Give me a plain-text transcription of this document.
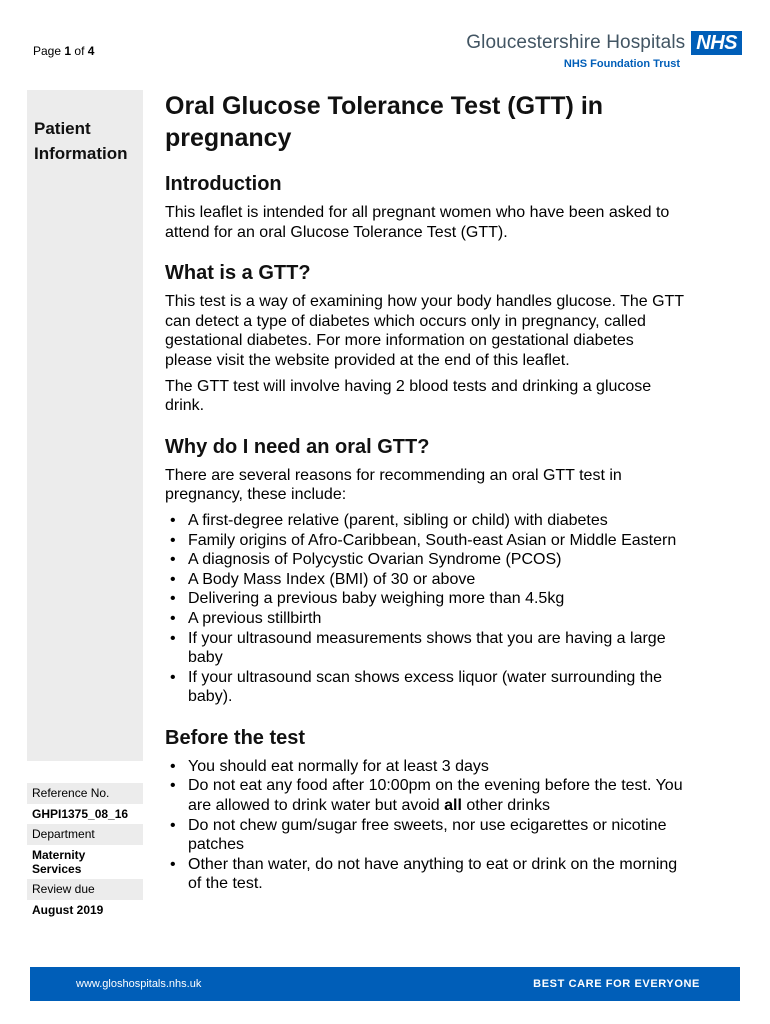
Page 1 of 4	Gloucestershire Hospitals NHS
NHS Foundation Trust
Patient
Information
Reference No.
GHPI1375_08_16
Department
Maternity
Services
Review due
August 2019
Oral Glucose Tolerance Test (GTT) in
pregnancy
Introduction

This leaflet is intended for all pregnant women who have been asked to attend for an oral Glucose Tolerance Test (GTT).

What is a GTT?

This test is a way of examining how your body handles glucose. The GTT can detect a type of diabetes which occurs only in pregnancy, called gestational diabetes. For more information on gestational diabetes please visit the website provided at the end of this leaflet.

The GTT test will involve having 2 blood tests and drinking a glucose drink.

Why do I need an oral GTT?

There are several reasons for recommending an oral GTT test in pregnancy, these include:

• A first-degree relative (parent, sibling or child) with diabetes
• Family origins of Afro-Caribbean, South-east Asian or Middle Eastern
• A diagnosis of Polycystic Ovarian Syndrome (PCOS)
• A Body Mass Index (BMI) of 30 or above
• Delivering a previous baby weighing more than 4.5kg
• A previous stillbirth
• If your ultrasound measurements shows that you are having a large baby
• If your ultrasound scan shows excess liquor (water surrounding the baby).
Before the test
• You should eat normally for at least 3 days
• Do not eat any food after 10:00pm on the evening before the test. You are allowed to drink water but avoid all other drinks
• Do not chew gum/sugar free sweets, nor use ecigarettes or nicotine patches
• Other than water, do not have anything to eat or drink on the morning of the test.
www.gloshospitals.nhs.uk	BEST CARE FOR EVERYONE
